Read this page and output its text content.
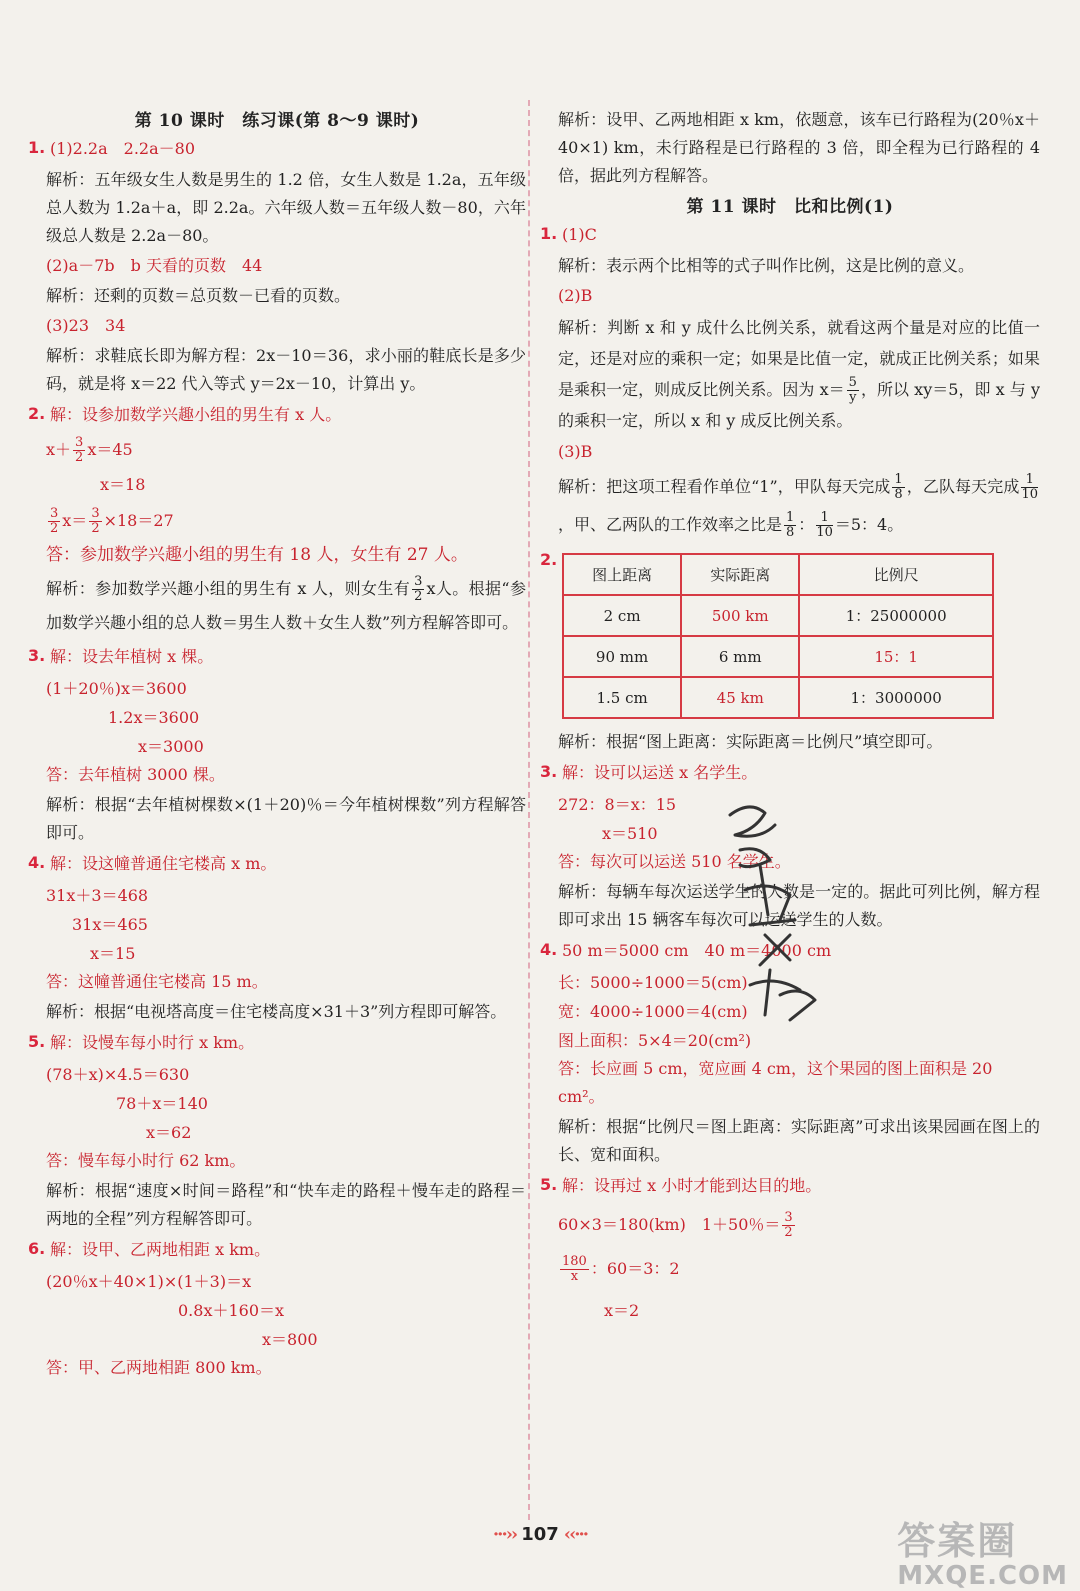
第 10 课时　练习课(第 8～9 课时)
1. (1)2.2a　2.2a－80
解析：五年级女生人数是男生的 1.2 倍，女生人数是 1.2a，五年级总人数为 1.2a＋a，即 2.2a。六年级人数＝五年级人数－80，六年级总人数是 2.2a－80。
(2)a－7b　b 天看的页数　44
解析：还剩的页数＝总页数－已看的页数。
(3)23　34
解析：求鞋底长即为解方程：2x－10＝36，求小丽的鞋底长是多少码，就是将 x＝22 代入等式 y＝2x－10，计算出 y。
2. 解：设参加数学兴趣小组的男生有 x 人。
$x+ \frac{3}{2} x=45$
x＝18
$\frac{3}{2} x= \frac{3}{2} \times 18=27$
答：参加数学兴趣小组的男生有 18 人，女生有 27 人。
解析：参加数学兴趣小组的男生有 x 人，则女生有 $\frac{3}{2}$ x人。根据“参加数学兴趣小组的总人数＝男生人数＋女生人数”列方程解答即可。
3. 解：设去年植树 x 棵。
(1＋20％)x＝3600
1.2x＝3600
x＝3000
答：去年植树 3000 棵。
解析：根据“去年植树棵数×(1＋20)％＝今年植树棵数”列方程解答即可。
4. 解：设这幢普通住宅楼高 x m。
31x＋3＝468
31x＝465
x＝15
答：这幢普通住宅楼高 15 m。
解析：根据“电视塔高度＝住宅楼高度×31＋3”列方程即可解答。
5. 解：设慢车每小时行 x km。
(78＋x)×4.5＝630
78＋x＝140
x＝62
答：慢车每小时行 62 km。
解析：根据“速度×时间＝路程”和“快车走的路程＋慢车走的路程＝两地的全程”列方程解答即可。
6. 解：设甲、乙两地相距 x km。
(20％x＋40×1)×(1＋3)＝x
0.8x＋160＝x
x＝800
答：甲、乙两地相距 800 km。
解析：设甲、乙两地相距 x km，依题意，该车已行路程为(20％x＋40×1) km，未行路程是已行路程的 3 倍，即全程为已行路程的 4 倍，据此列方程解答。
第 11 课时　比和比例(1)
1. (1)C
解析：表示两个比相等的式子叫作比例，这是比例的意义。
(2)B
解析：判断 x 和 y 成什么比例关系，就看这两个量是对应的比值一定，还是对应的乘积一定；如果是比值一定，就成正比例关系；如果是乘积一定，则成反比例关系。因为 $x= \frac{5}{y}$ ，所以 xy＝5，即 x 与 y 的乘积一定，所以 x 和 y 成反比例关系。
(3)B
解析：把这项工程看作单位“1”，甲队每天完成 $\frac{1}{8}$ ，乙队每天完成 $\frac{1}{10}$
，甲、乙两队的工作效率之比是 $\frac{1}{8}$ ： $\frac{1}{10} =5$：4。
2.
图上距离	实际距离	比例尺
2 cm	500 km	1：25000000
90 mm	6 mm	15：1
1.5 cm	45 km	1：3000000
解析：根据“图上距离：实际距离＝比例尺”填空即可。
3. 解：设可以运送 x 名学生。
272：8＝x：15
x＝510
答：每次可以运送 510 名学生。
解析：每辆车每次运送学生的人数是一定的。据此可列比例，解方程即可求出 15 辆客车每次可以运送学生的人数。
4. 50 m＝5000 cm　40 m＝4000 cm
长：5000÷1000＝5(cm)
宽：4000÷1000＝4(cm)
图上面积：5×4＝20(cm²)
答：长应画 5 cm，宽应画 4 cm，这个果园的图上面积是 20 cm²。
解析：根据“比例尺＝图上距离：实际距离”可求出该果园画在图上的长、宽和面积。
5. 解：设再过 x 小时才能到达目的地。
60×3＝180(km)　1＋50％＝ $\frac{3}{2}$
$\frac{180}{x}$ ：60＝3：2
x＝2
···›› 107 ‹‹···	答案圈
MXQE.COM
